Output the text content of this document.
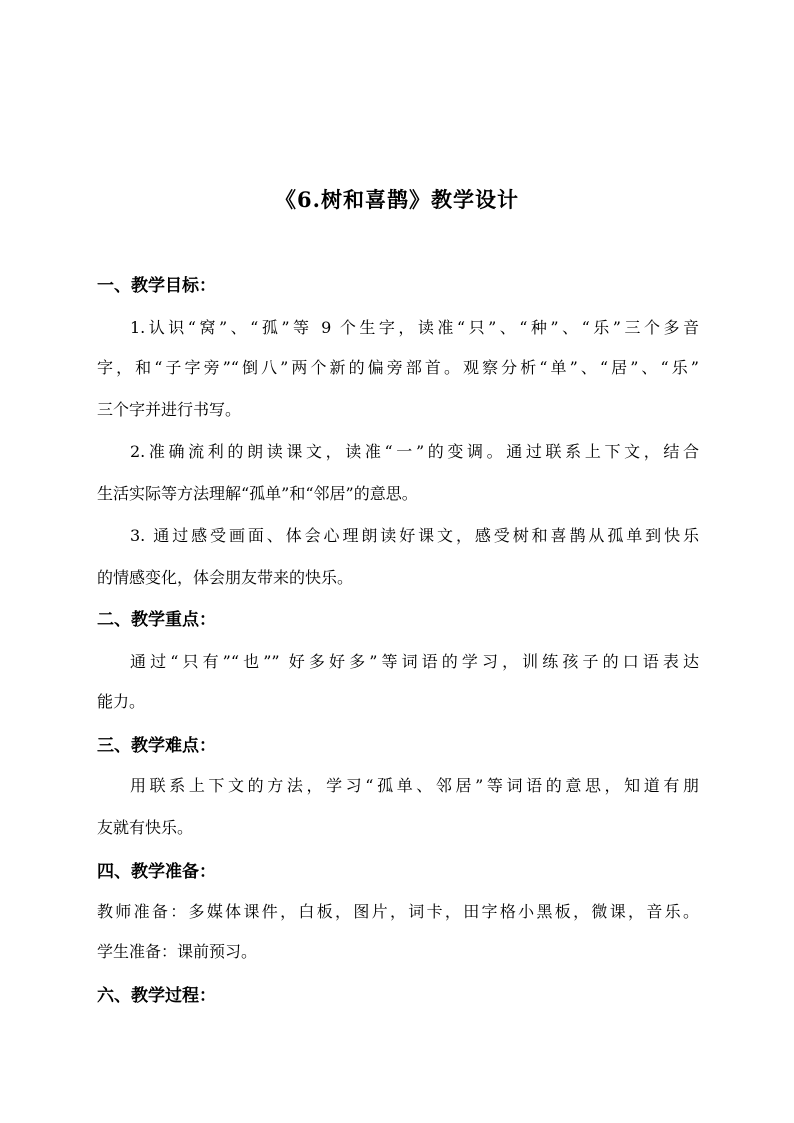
《6.树和喜鹊》教学设计
一、教学目标：
1.认识“窝”、“孤”等 9 个生字，读准“只”、“种”、“乐”三个多音
字，和“子字旁”“倒八”两个新的偏旁部首。观察分析“单”、“居”、“乐”
三个字并进行书写。
2.准确流利的朗读课文，读准“一”的变调。通过联系上下文，结合
生活实际等方法理解“孤单”和“邻居”的意思。
3. 通过感受画面、体会心理朗读好课文，感受树和喜鹊从孤单到快乐
的情感变化，体会朋友带来的快乐。
二、教学重点：
通过“只有”“也”” 好多好多”等词语的学习，训练孩子的口语表达
能力。
三、教学难点：
用联系上下文的方法，学习“孤单、邻居”等词语的意思，知道有朋
友就有快乐。
四、教学准备：
教师准备：多媒体课件，白板，图片，词卡，田字格小黑板，微课，音乐。
学生准备：课前预习。
六、教学过程：
